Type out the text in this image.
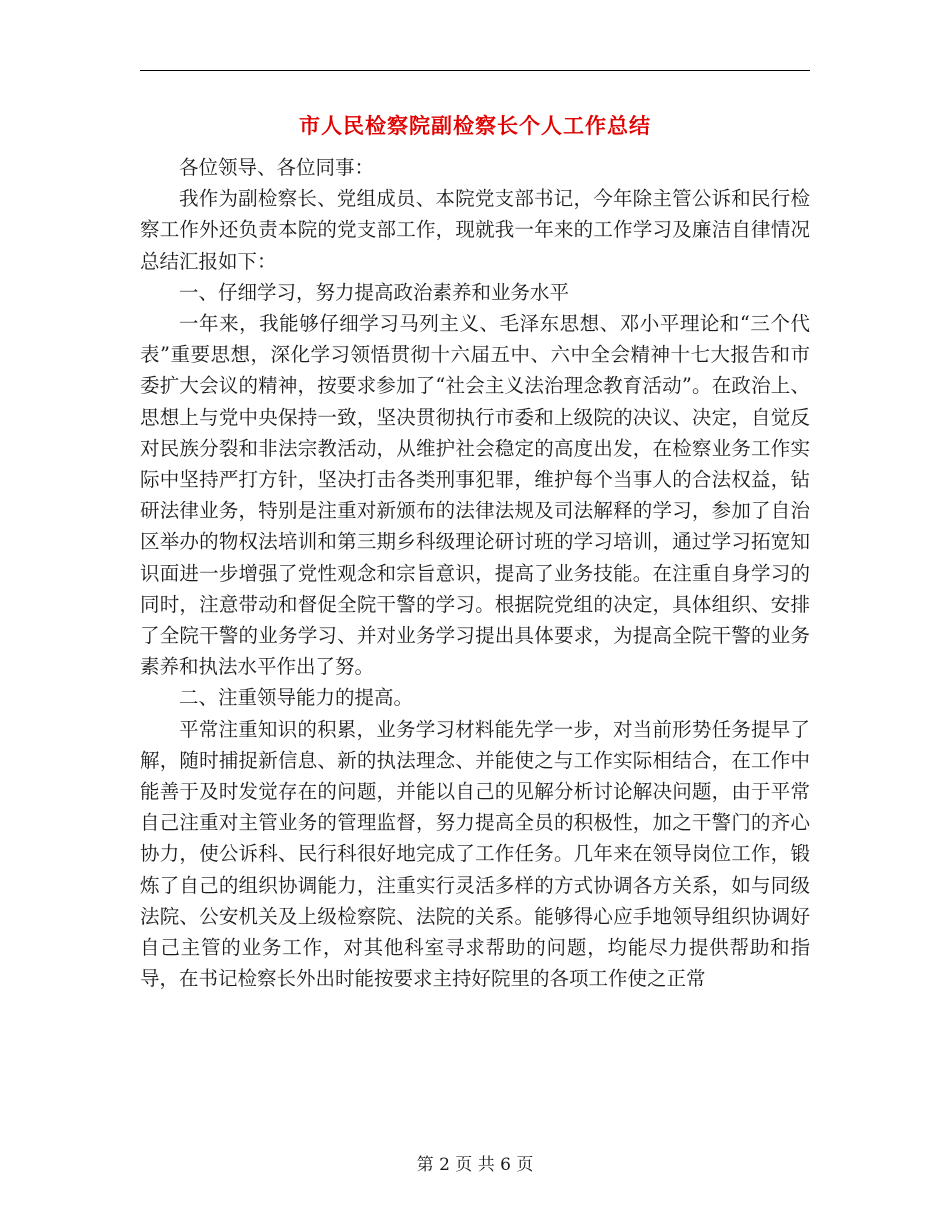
市人民检察院副检察长个人工作总结

各位领导、各位同事：

我作为副检察长、党组成员、本院党支部书记，今年除主管公诉和民行检察工作外还负责本院的党支部工作，现就我一年来的工作学习及廉洁自律情况总结汇报如下：

一、仔细学习，努力提高政治素养和业务水平

一年来，我能够仔细学习马列主义、毛泽东思想、邓小平理论和“三个代表”重要思想，深化学习领悟贯彻十六届五中、六中全会精神十七大报告和市委扩大会议的精神，按要求参加了“社会主义法治理念教育活动”。在政治上、思想上与党中央保持一致，坚决贯彻执行市委和上级院的决议、决定，自觉反对民族分裂和非法宗教活动，从维护社会稳定的高度出发，在检察业务工作实际中坚持严打方针，坚决打击各类刑事犯罪，维护每个当事人的合法权益，钻研法律业务，特别是注重对新颁布的法律法规及司法解释的学习，参加了自治区举办的物权法培训和第三期乡科级理论研讨班的学习培训，通过学习拓宽知识面进一步增强了党性观念和宗旨意识，提高了业务技能。在注重自身学习的同时，注意带动和督促全院干警的学习。根据院党组的决定，具体组织、安排了全院干警的业务学习、并对业务学习提出具体要求，为提高全院干警的业务素养和执法水平作出了努。

二、注重领导能力的提高。

平常注重知识的积累，业务学习材料能先学一步，对当前形势任务提早了解，随时捕捉新信息、新的执法理念、并能使之与工作实际相结合，在工作中能善于及时发觉存在的问题，并能以自己的见解分析讨论解决问题，由于平常自己注重对主管业务的管理监督，努力提高全员的积极性，加之干警门的齐心协力，使公诉科、民行科很好地完成了工作任务。几年来在领导岗位工作，锻炼了自己的组织协调能力，注重实行灵活多样的方式协调各方关系，如与同级法院、公安机关及上级检察院、法院的关系。能够得心应手地领导组织协调好自己主管的业务工作，对其他科室寻求帮助的问题，均能尽力提供帮助和指导，在书记检察长外出时能按要求主持好院里的各项工作使之正常

第 2 页 共 6 页
